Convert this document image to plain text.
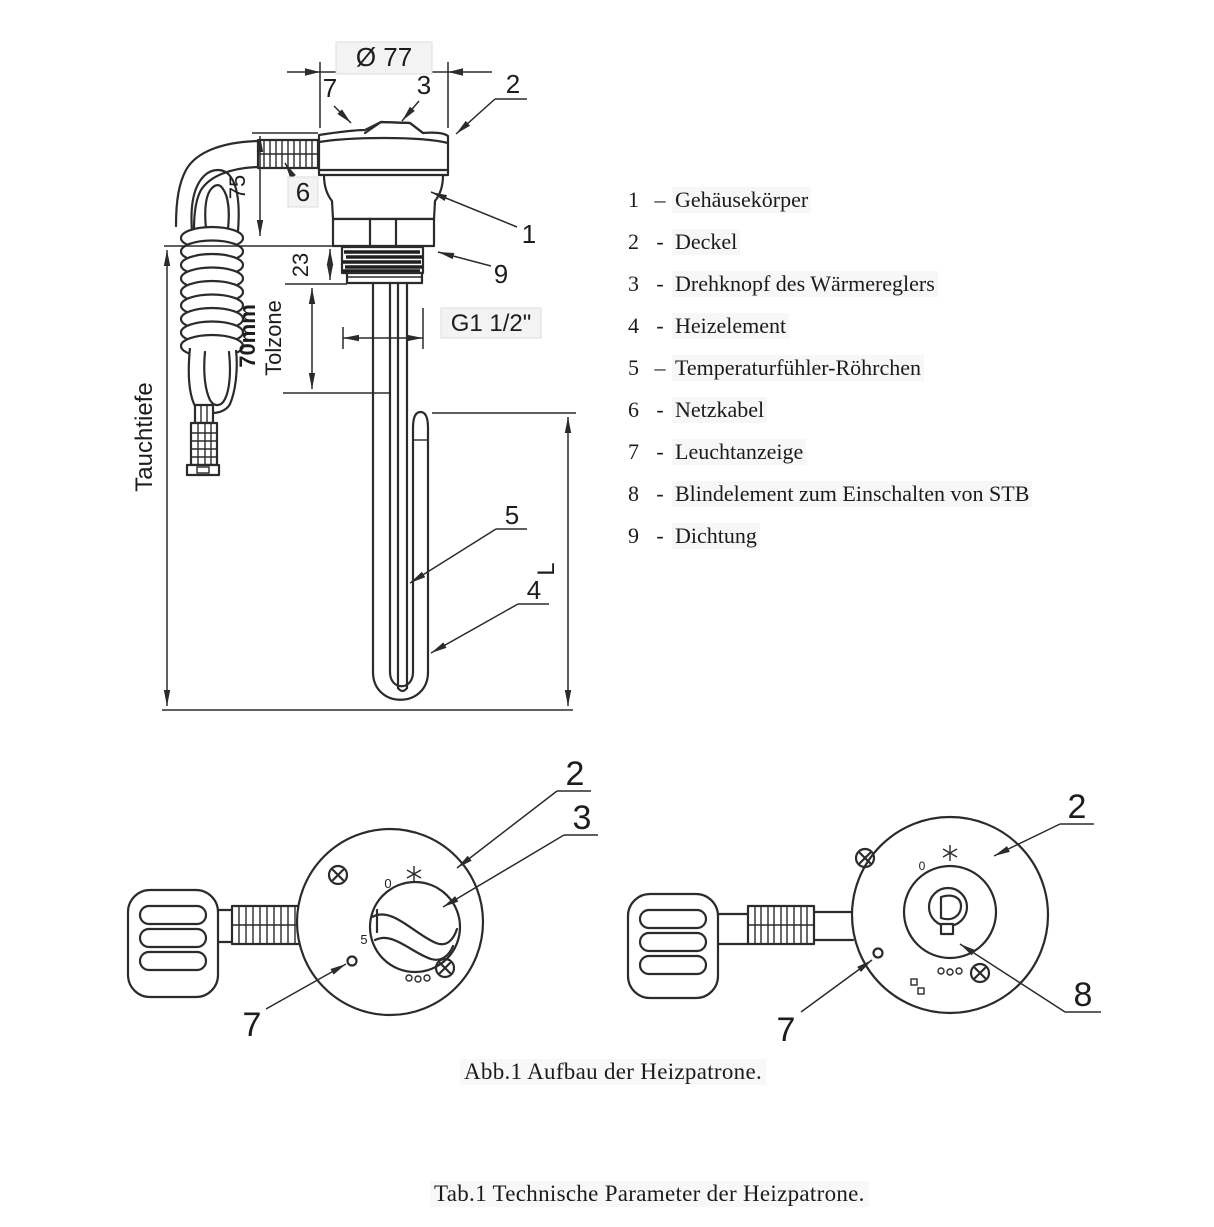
Ø 77
75
23
70mm Tolzone
Tauchtiefe
G1 1/2"
L
7	3	2
6
1
9
5
4
0
5
2
3
7
0
2
8
7
1 – Gehäusekörper
2 - Deckel
3 - Drehknopf des Wärmereglers
4 - Heizelement
5 – Temperaturfühler-Röhrchen
6 - Netzkabel
7 - Leuchtanzeige
8 - Blindelement zum Einschalten von STB
9 - Dichtung
Abb.1 Aufbau der Heizpatrone.
Tab.1 Technische Parameter der Heizpatrone.
